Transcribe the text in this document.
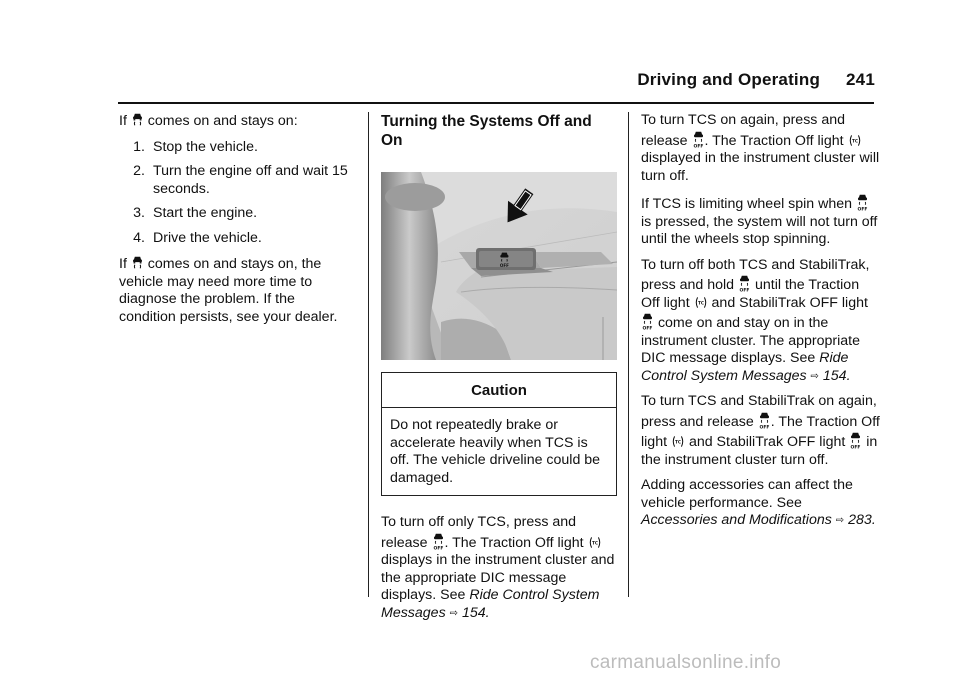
Driving and Operating 241

If comes on and stays on:

1. Stop the vehicle.
2. Turn the engine off and wait 15 seconds.
3. Start the engine.
4. Drive the vehicle.

If comes on and stays on, the vehicle may need more time to diagnose the problem. If the condition persists, see your dealer.

Turning the Systems Off and On
Caution
Do not repeatedly brake or accelerate heavily when TCS is off. The vehicle driveline could be damaged.

To turn off only TCS, press and release . The Traction Off light  displays in the instrument cluster and the appropriate DIC message displays. See Ride Control System Messages ⇨ 154.

To turn TCS on again, press and release . The Traction Off light  displayed in the instrument cluster will turn off.

If TCS is limiting wheel spin when  is pressed, the system will not turn off until the wheels stop spinning.

To turn off both TCS and StabiliTrak, press and hold until the Traction Off light and StabiliTrak OFF light  come on and stay on in the instrument cluster. The appropriate DIC message displays. See Ride Control System Messages ⇨ 154.

To turn TCS and StabiliTrak on again, press and release . The Traction Off light and StabiliTrak OFF light in the instrument cluster turn off.

Adding accessories can affect the vehicle performance. See Accessories and Modifications ⇨ 283.

carmanualsonline.info
